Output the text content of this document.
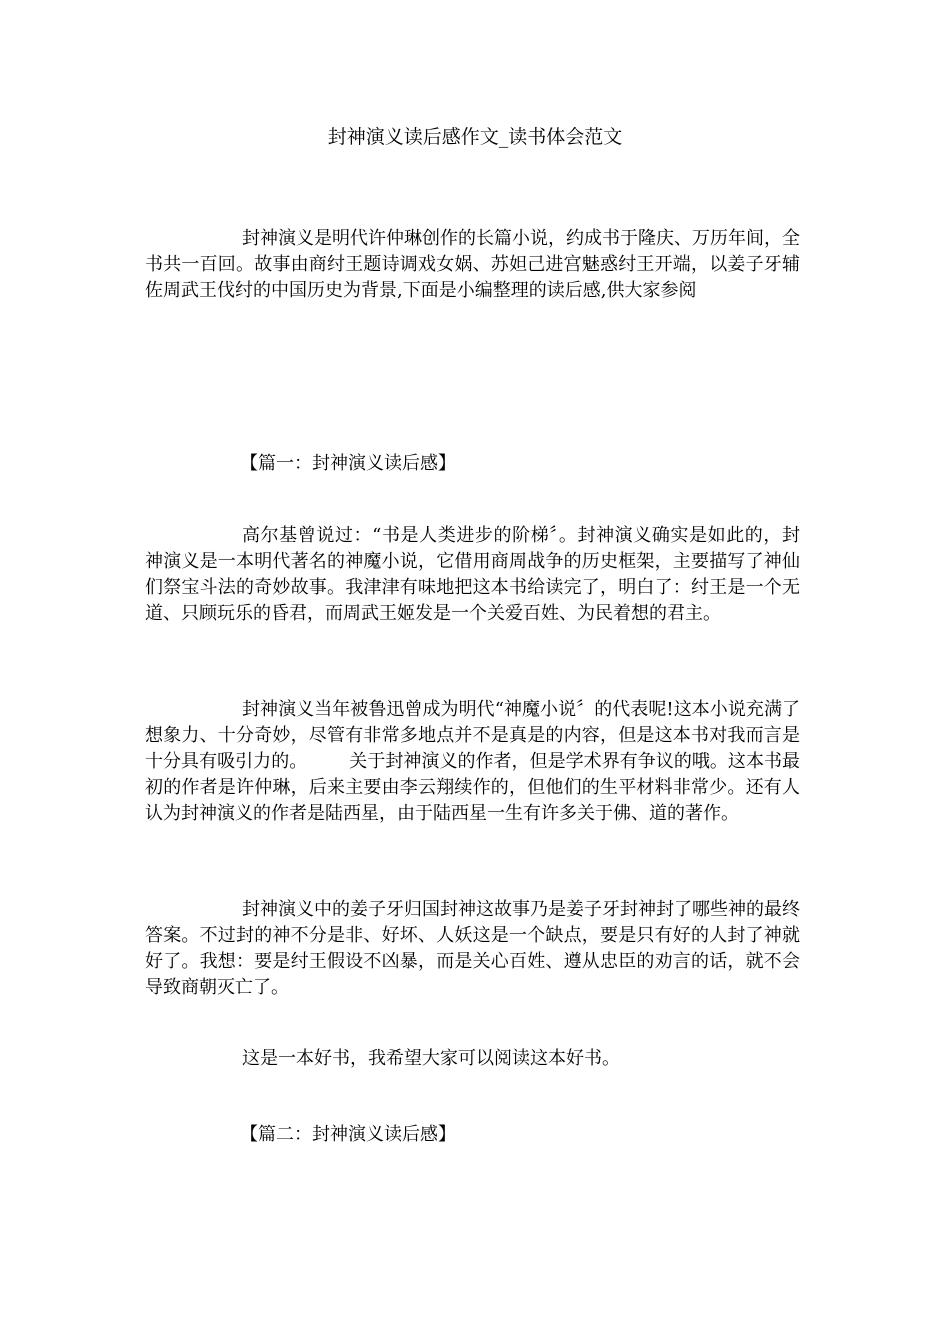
封神演义读后感作文_读书体会范文

封神演义是明代许仲琳创作的长篇小说，约成书于隆庆、万历年间，全书共一百回。故事由商纣王题诗调戏女娲、苏妲己进宫魅惑纣王开端，以姜子牙辅佐周武王伐纣的中国历史为背景,下面是小编整理的读后感,供大家参阅

【篇一：封神演义读后感】

高尔基曾说过：“书是人类进步的阶梯〞。封神演义确实是如此的，封神演义是一本明代著名的神魔小说，它借用商周战争的历史框架，主要描写了神仙们祭宝斗法的奇妙故事。我津津有味地把这本书给读完了，明白了：纣王是一个无道、只顾玩乐的昏君，而周武王姬发是一个关爱百姓、为民着想的君主。

封神演义当年被鲁迅曾成为明代“神魔小说〞的代表呢!这本小说充满了想象力、十分奇妙，尽管有非常多地点并不是真是的内容，但是这本书对我而言是十分具有吸引力的。 关于封神演义的作者，但是学术界有争议的哦。这本书最初的作者是许仲琳，后来主要由李云翔续作的，但他们的生平材料非常少。还有人认为封神演义的作者是陆西星，由于陆西星一生有许多关于佛、道的著作。

封神演义中的姜子牙归国封神这故事乃是姜子牙封神封了哪些神的最终答案。不过封的神不分是非、好坏、人妖这是一个缺点，要是只有好的人封了神就好了。我想：要是纣王假设不凶暴，而是关心百姓、遵从忠臣的劝言的话，就不会导致商朝灭亡了。

这是一本好书，我希望大家可以阅读这本好书。

【篇二：封神演义读后感】
